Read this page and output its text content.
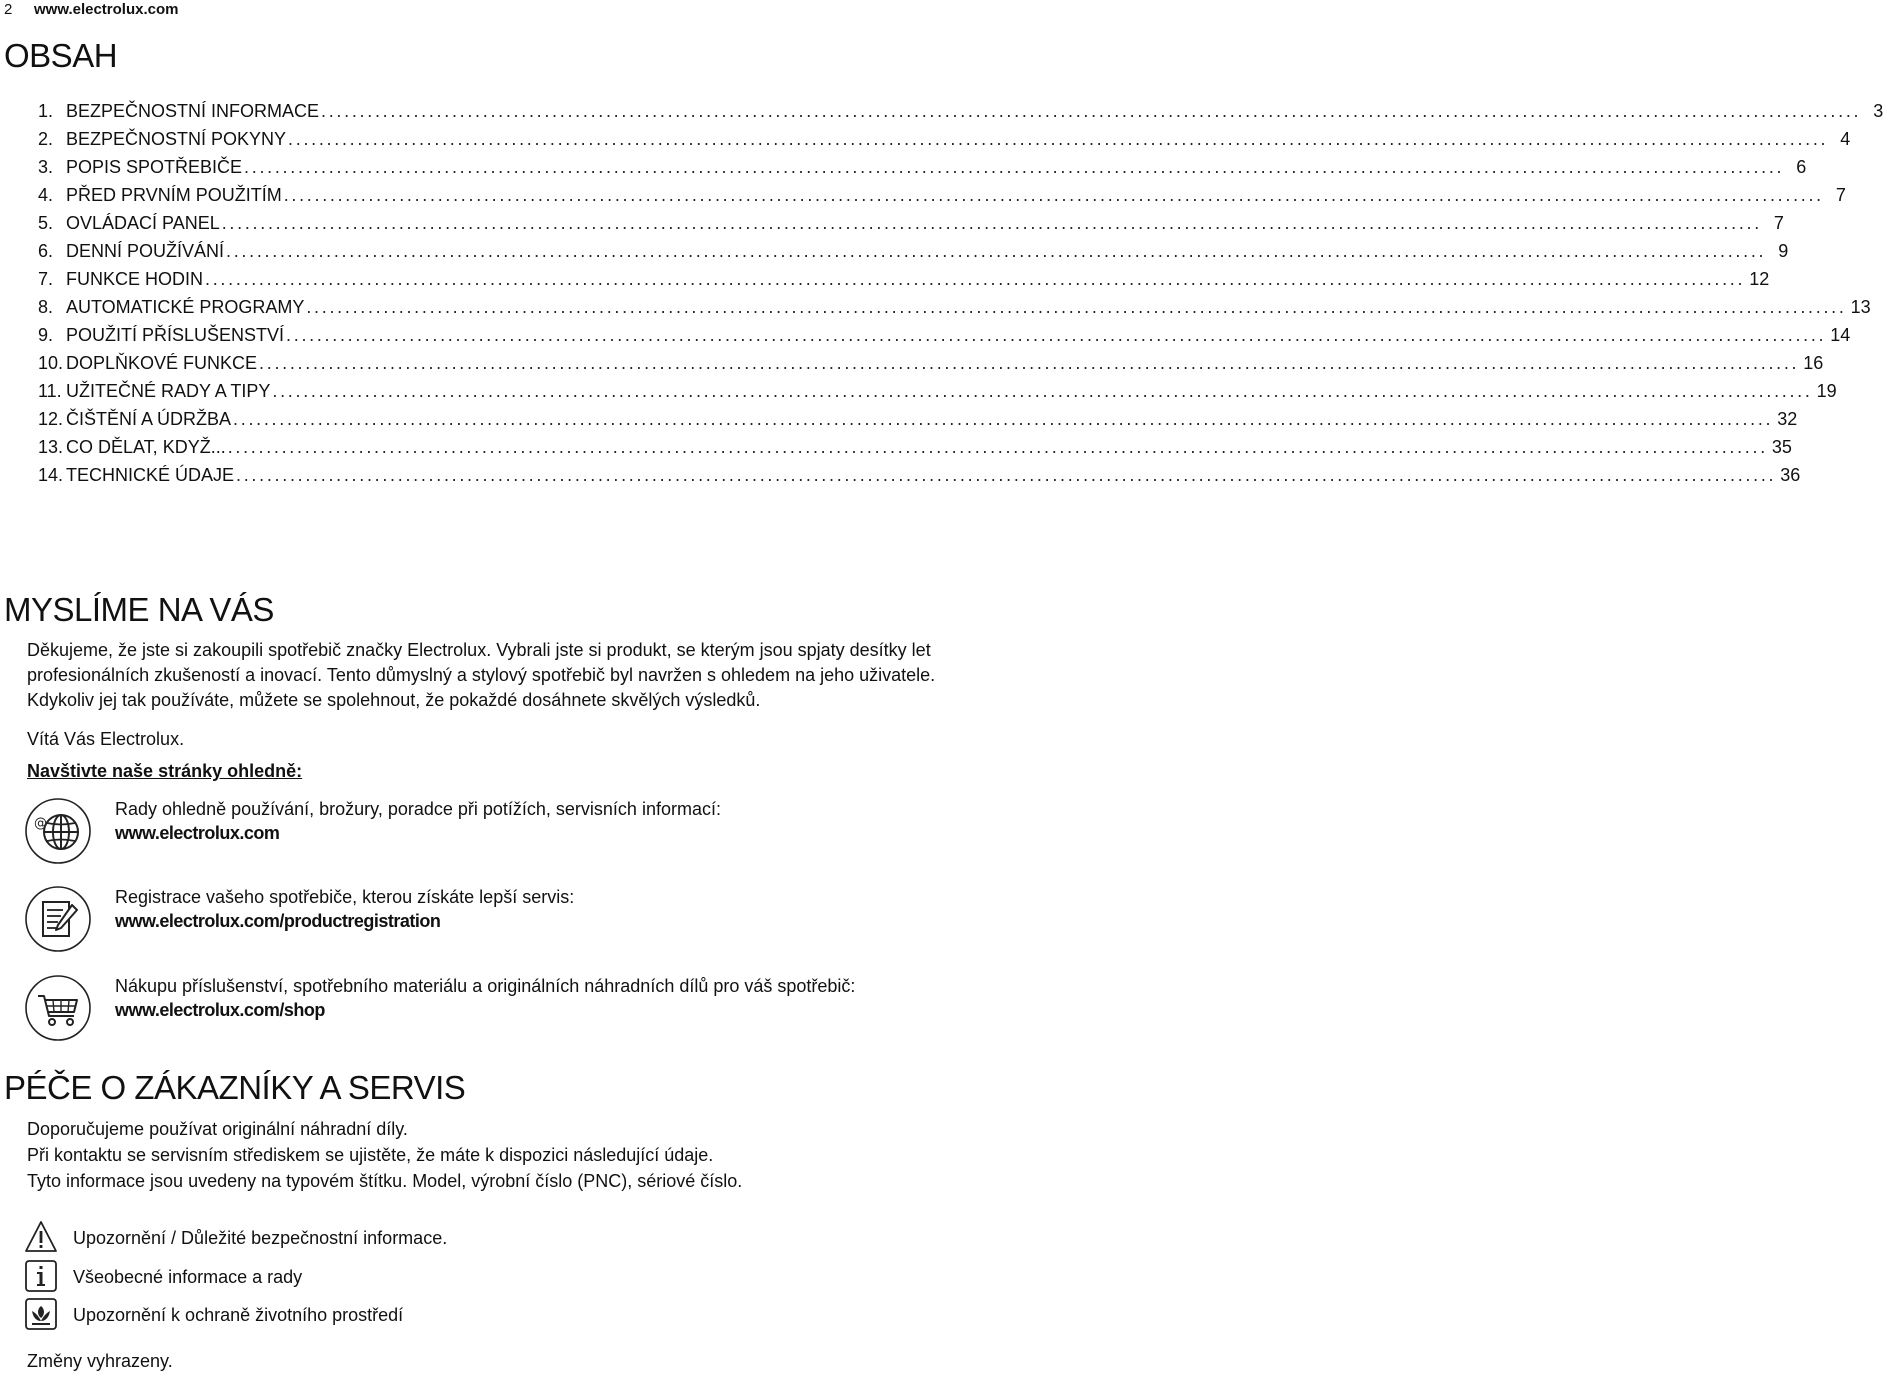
2 www.electrolux.com
OBSAH
1. BEZPEČNOSTNÍ INFORMACE ........................................................................................................................................................................................................ 3
2. BEZPEČNOSTNÍ POKYNY ........................................................................................................................................................................................................ 4
3. POPIS SPOTŘEBIČE ........................................................................................................................................................................................................ 6
4. PŘED PRVNÍM POUŽITÍM ........................................................................................................................................................................................................ 7
5. OVLÁDACÍ PANEL ........................................................................................................................................................................................................ 7
6. DENNÍ POUŽÍVÁNÍ ........................................................................................................................................................................................................ 9
7. FUNKCE HODIN ........................................................................................................................................................................................................ 12
8. AUTOMATICKÉ PROGRAMY ........................................................................................................................................................................................................ 13
9. POUŽITÍ PŘÍSLUŠENSTVÍ ........................................................................................................................................................................................................ 14
10. DOPLŇKOVÉ FUNKCE ........................................................................................................................................................................................................ 16
11. UŽITEČNÉ RADY A TIPY ........................................................................................................................................................................................................ 19
12. ČIŠTĚNÍ A ÚDRŽBA ........................................................................................................................................................................................................ 32
13. CO DĚLAT, KDYŽ... ........................................................................................................................................................................................................ 35
14. TECHNICKÉ ÚDAJE ........................................................................................................................................................................................................ 36
MYSLÍME NA VÁS

Děkujeme, že jste si zakoupili spotřebič značky Electrolux. Vybrali jste si produkt, se kterým jsou spjaty desítky let profesionálních zkušeností a inovací. Tento důmyslný a stylový spotřebič byl navržen s ohledem na jeho uživatele. Kdykoliv jej tak používáte, můžete se spolehnout, že pokaždé dosáhnete skvělých výsledků.

Vítá Vás Electrolux.
Navštivte naše stránky ohledně:
@
Rady ohledně používání, brožury, poradce při potížích, servisních informací:
www.electrolux.com
Registrace vašeho spotřebiče, kterou získáte lepší servis:
www.electrolux.com/productregistration
Nákupu příslušenství, spotřebního materiálu a originálních náhradních dílů pro váš spotřebič:
www.electrolux.com/shop
PÉČE O ZÁKAZNÍKY A SERVIS

Doporučujeme používat originální náhradní díly.

Při kontaktu se servisním střediskem se ujistěte, že máte k dispozici následující údaje.

Tyto informace jsou uvedeny na typovém štítku. Model, výrobní číslo (PNC), sériové číslo.

Upozornění / Důležité bezpečnostní informace.
Všeobecné informace a rady
Upozornění k ochraně životního prostředí
Změny vyhrazeny.
